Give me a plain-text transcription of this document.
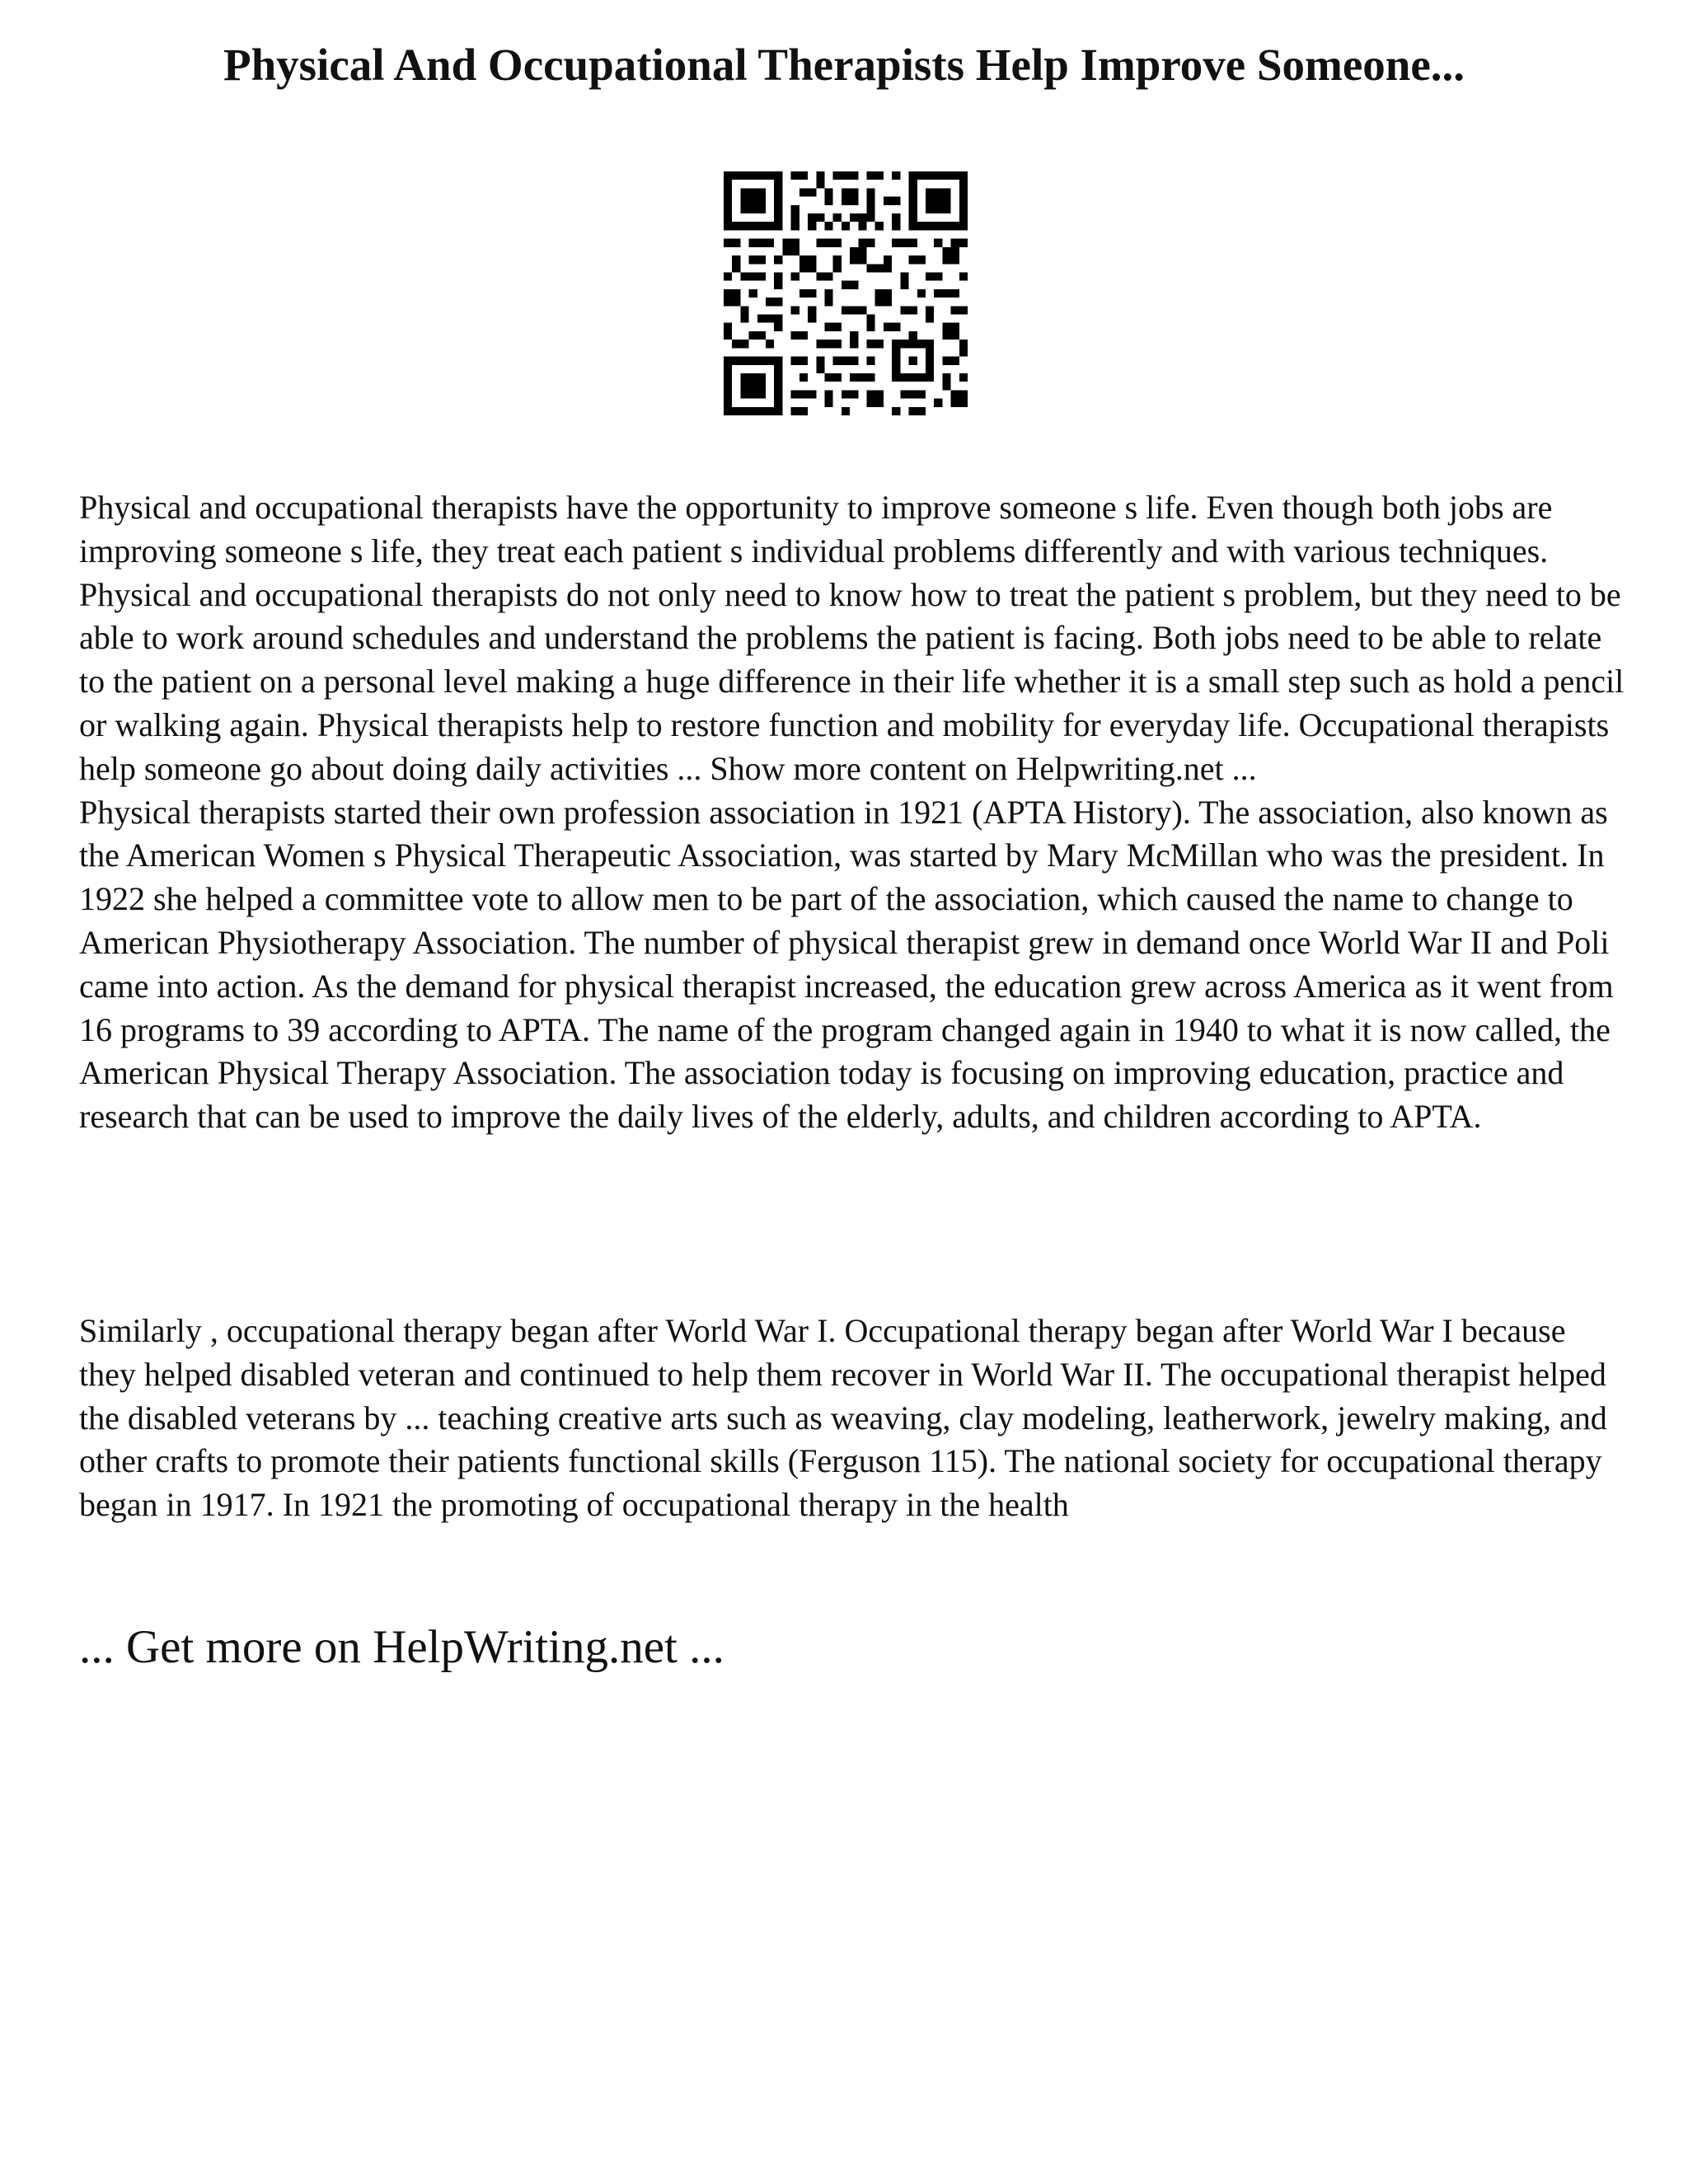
Physical And Occupational Therapists Help Improve Someone...

Physical and occupational therapists have the opportunity to improve someone s life. Even though both jobs are improving someone s life, they treat each patient s individual problems differently and with various techniques. Physical and occupational therapists do not only need to know how to treat the patient s problem, but they need to be able to work around schedules and understand the problems the patient is facing. Both jobs need to be able to relate to the patient on a personal level making a huge difference in their life whether it is a small step such as hold a pencil or walking again. Physical therapists help to restore function and mobility for everyday life. Occupational therapists help someone go about doing daily activities ... Show more content on Helpwriting.net ...
Physical therapists started their own profession association in 1921 (APTA History). The association, also known as the American Women s Physical Therapeutic Association, was started by Mary McMillan who was the president. In 1922 she helped a committee vote to allow men to be part of the association, which caused the name to change to American Physiotherapy Association. The number of physical therapist grew in demand once World War II and Poli came into action. As the demand for physical therapist increased, the education grew across America as it went from 16 programs to 39 according to APTA. The name of the program changed again in 1940 to what it is now called, the American Physical Therapy Association. The association today is focusing on improving education, practice and research that can be used to improve the daily lives of the elderly, adults, and children according to APTA.

Similarly , occupational therapy began after World War I. Occupational therapy began after World War I because they helped disabled veteran and continued to help them recover in World War II. The occupational therapist helped the disabled veterans by ... teaching creative arts such as weaving, clay modeling, leatherwork, jewelry making, and other crafts to promote their patients functional skills (Ferguson 115). The national society for occupational therapy began in 1917. In 1921 the promoting of occupational therapy in the health

... Get more on HelpWriting.net ...
